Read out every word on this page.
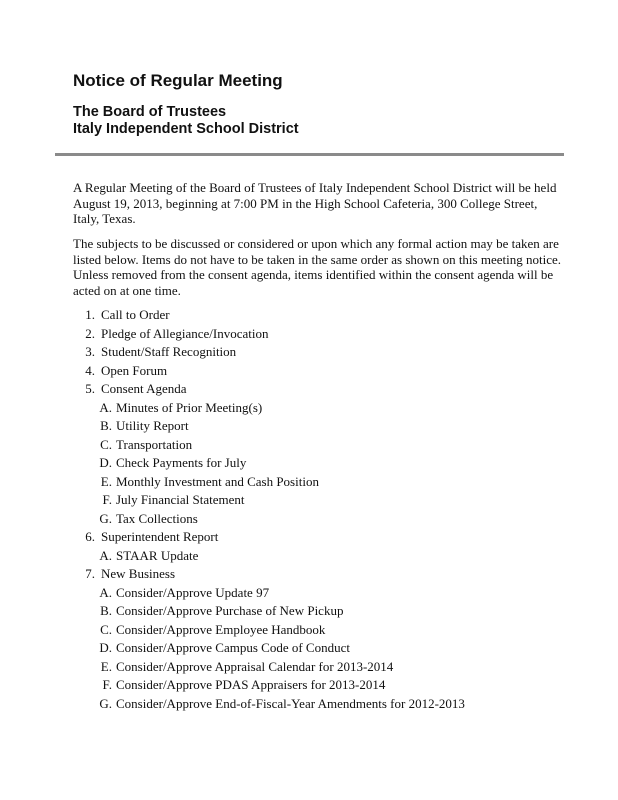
Notice of Regular Meeting
The Board of Trustees
Italy Independent School District

A Regular Meeting of the Board of Trustees of Italy Independent School District will be held August 19, 2013, beginning at 7:00 PM in the High School Cafeteria, 300 College Street, Italy, Texas.

The subjects to be discussed or considered or upon which any formal action may be taken are listed below. Items do not have to be taken in the same order as shown on this meeting notice. Unless removed from the consent agenda, items identified within the consent agenda will be acted on at one time.

1. Call to Order
2. Pledge of Allegiance/Invocation
3. Student/Staff Recognition
4. Open Forum
5. Consent Agenda
A. Minutes of Prior Meeting(s)
B. Utility Report
C. Transportation
D. Check Payments for July
E. Monthly Investment and Cash Position
F. July Financial Statement
G. Tax Collections
6. Superintendent Report
A. STAAR Update
7. New Business
A. Consider/Approve Update 97
B. Consider/Approve Purchase of New Pickup
C. Consider/Approve Employee Handbook
D. Consider/Approve Campus Code of Conduct
E. Consider/Approve Appraisal Calendar for 2013-2014
F. Consider/Approve PDAS Appraisers for 2013-2014
G. Consider/Approve End-of-Fiscal-Year Amendments for 2012-2013
